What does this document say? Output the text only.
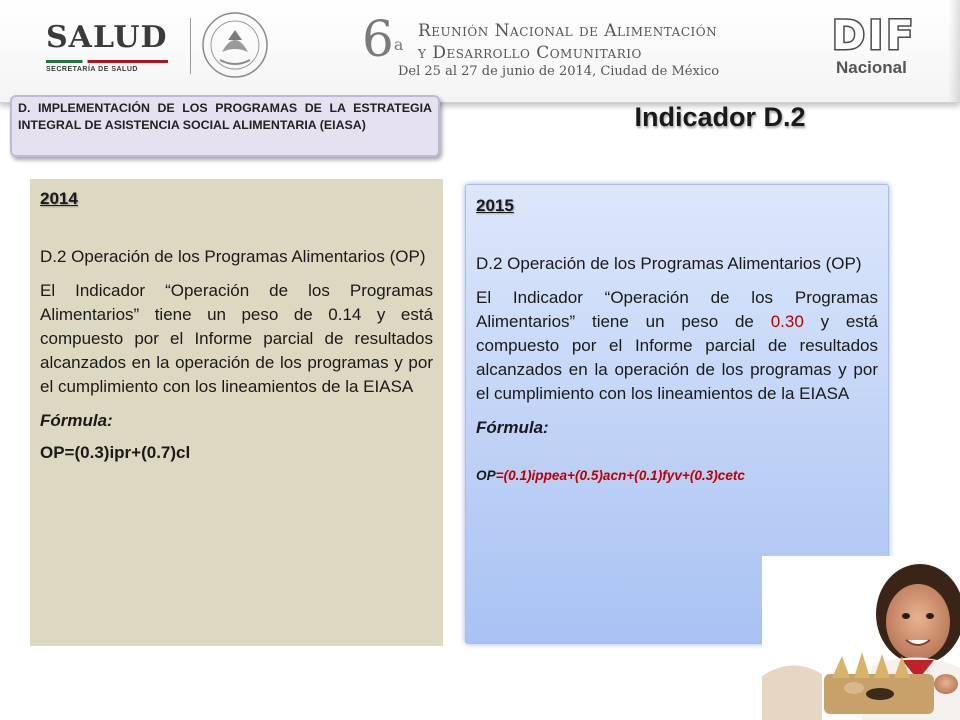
SALUD
SECRETARÍA DE SALUD
6$^a$
Reunión Nacional de Alimentación
y Desarrollo Comunitario
Del 25 al 27 de junio de 2014, Ciudad de México
DIF
Nacional
D. IMPLEMENTACIÓN DE LOS PROGRAMAS DE LA ESTRATEGIA INTEGRAL DE ASISTENCIA SOCIAL ALIMENTARIA (EIASA)	Indicador D.2
2014
D.2 Operación de los Programas Alimentarios (OP)
El Indicador “Operación de los Programas Alimentarios” tiene un peso de 0.14 y está compuesto por el Informe parcial de resultados alcanzados en la operación de los programas y por el cumplimiento con los lineamientos de la EIASA
Fórmula:
OP=(0.3)ipr+(0.7)cl
2015
D.2 Operación de los Programas Alimentarios (OP)
El Indicador “Operación de los Programas Alimentarios” tiene un peso de 0.30 y está compuesto por el Informe parcial de resultados alcanzados en la operación de los programas y por el cumplimiento con los lineamientos de la EIASA
Fórmula:
OP=(0.1)ippea+(0.5)acn+(0.1)fyv+(0.3)cetc
